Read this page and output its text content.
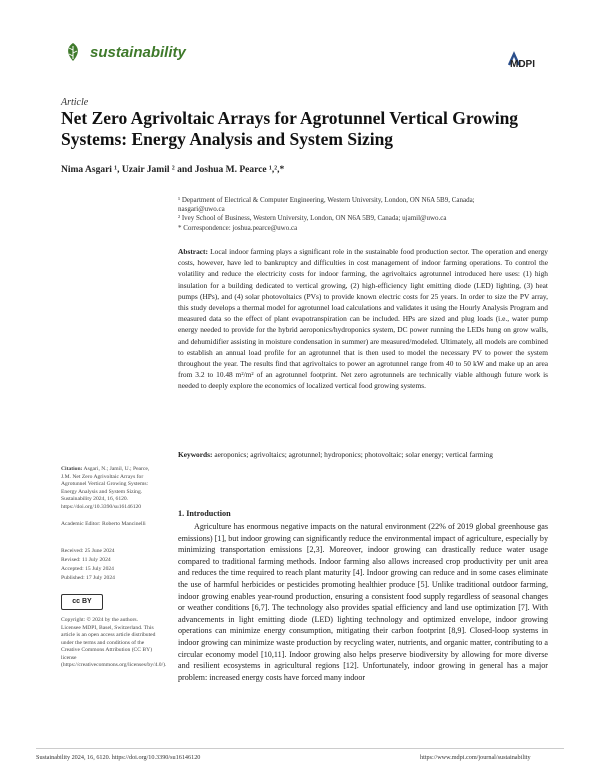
sustainability
MDPI
Article
Net Zero Agrivoltaic Arrays for Agrotunnel Vertical Growing Systems: Energy Analysis and System Sizing
Nima Asgari ¹, Uzair Jamil ² and Joshua M. Pearce ¹,²,*
¹ Department of Electrical & Computer Engineering, Western University, London, ON N6A 5B9, Canada;
nasgari@uwo.ca
² Ivey School of Business, Western University, London, ON N6A 5B9, Canada; ujamil@uwo.ca
* Correspondence: joshua.pearce@uwo.ca
Abstract: Local indoor farming plays a significant role in the sustainable food production sector. The operation and energy costs, however, have led to bankruptcy and difficulties in cost management of indoor farming operations. To control the volatility and reduce the electricity costs for indoor farming, the agrivoltaics agrotunnel introduced here uses: (1) high insulation for a building dedicated to vertical growing, (2) high-efficiency light emitting diode (LED) lighting, (3) heat pumps (HPs), and (4) solar photovoltaics (PVs) to provide known electric costs for 25 years. In order to size the PV array, this study develops a thermal model for agrotunnel load calculations and validates it using the Hourly Analysis Program and measured data so the effect of plant evapotranspiration can be included. HPs are sized and plug loads (i.e., water pump energy needed to provide for the hybrid aeroponics/hydroponics system, DC power running the LEDs hung on grow walls, and dehumidifier assisting in moisture condensation in summer) are measured/modeled. Ultimately, all models are combined to establish an annual load profile for an agrotunnel that is then used to model the necessary PV to power the system throughout the year. The results find that agrivoltaics to power an agrotunnel range from 40 to 50 kW and make up an area from 3.2 to 10.48 m²/m² of an agrotunnel footprint. Net zero agrotunnels are technically viable although future work is needed to deeply explore the economics of localized vertical food growing systems.
Keywords: aeroponics; agrivoltaics; agrotunnel; hydroponics; photovoltaic; solar energy; vertical farming
Citation: Asgari, N.; Jamil, U.; Pearce, J.M. Net Zero Agrivoltaic Arrays for Agrotunnel Vertical Growing Systems: Energy Analysis and System Sizing. Sustainability 2024, 16, 6120. https://doi.org/10.3390/su16146120
Academic Editor: Roberto Mancinelli
Received: 25 June 2024
Revised: 11 July 2024
Accepted: 15 July 2024
Published: 17 July 2024
cc BY
Copyright: © 2024 by the authors. Licensee MDPI, Basel, Switzerland. This article is an open access article distributed under the terms and conditions of the Creative Commons Attribution (CC BY) license (https://creativecommons.org/licenses/by/4.0/).
1. Introduction
Agriculture has enormous negative impacts on the natural environment (22% of 2019 global greenhouse gas emissions) [1], but indoor growing can significantly reduce the environmental impact of agriculture, especially by minimizing transportation emissions [2,3]. Moreover, indoor growing can drastically reduce water usage compared to traditional farming methods. Indoor farming also allows increased crop productivity per unit area and reduces the time required to reach plant maturity [4]. Indoor growing can reduce and in some cases eliminate the use of harmful herbicides or pesticides promoting healthier produce [5]. Unlike traditional outdoor farming, indoor growing enables year-round production, ensuring a consistent food supply regardless of seasonal changes or weather conditions [6,7]. The technology also provides spatial efficiency and land use optimization [7]. With advancements in light emitting diode (LED) lighting technology and optimized envelope, indoor growing operations can minimize energy consumption, mitigating their carbon footprint [8,9]. Closed-loop systems in indoor growing can minimize waste production by recycling water, nutrients, and organic matter, contributing to a circular economy model [10,11]. Indoor growing also helps preserve biodiversity by allowing for more diverse and resilient ecosystems in agricultural regions [12]. Unfortunately, indoor growing in general has a major problem: increased energy costs have forced many indoor
Sustainability 2024, 16, 6120. https://doi.org/10.3390/su16146120	https://www.mdpi.com/journal/sustainability
